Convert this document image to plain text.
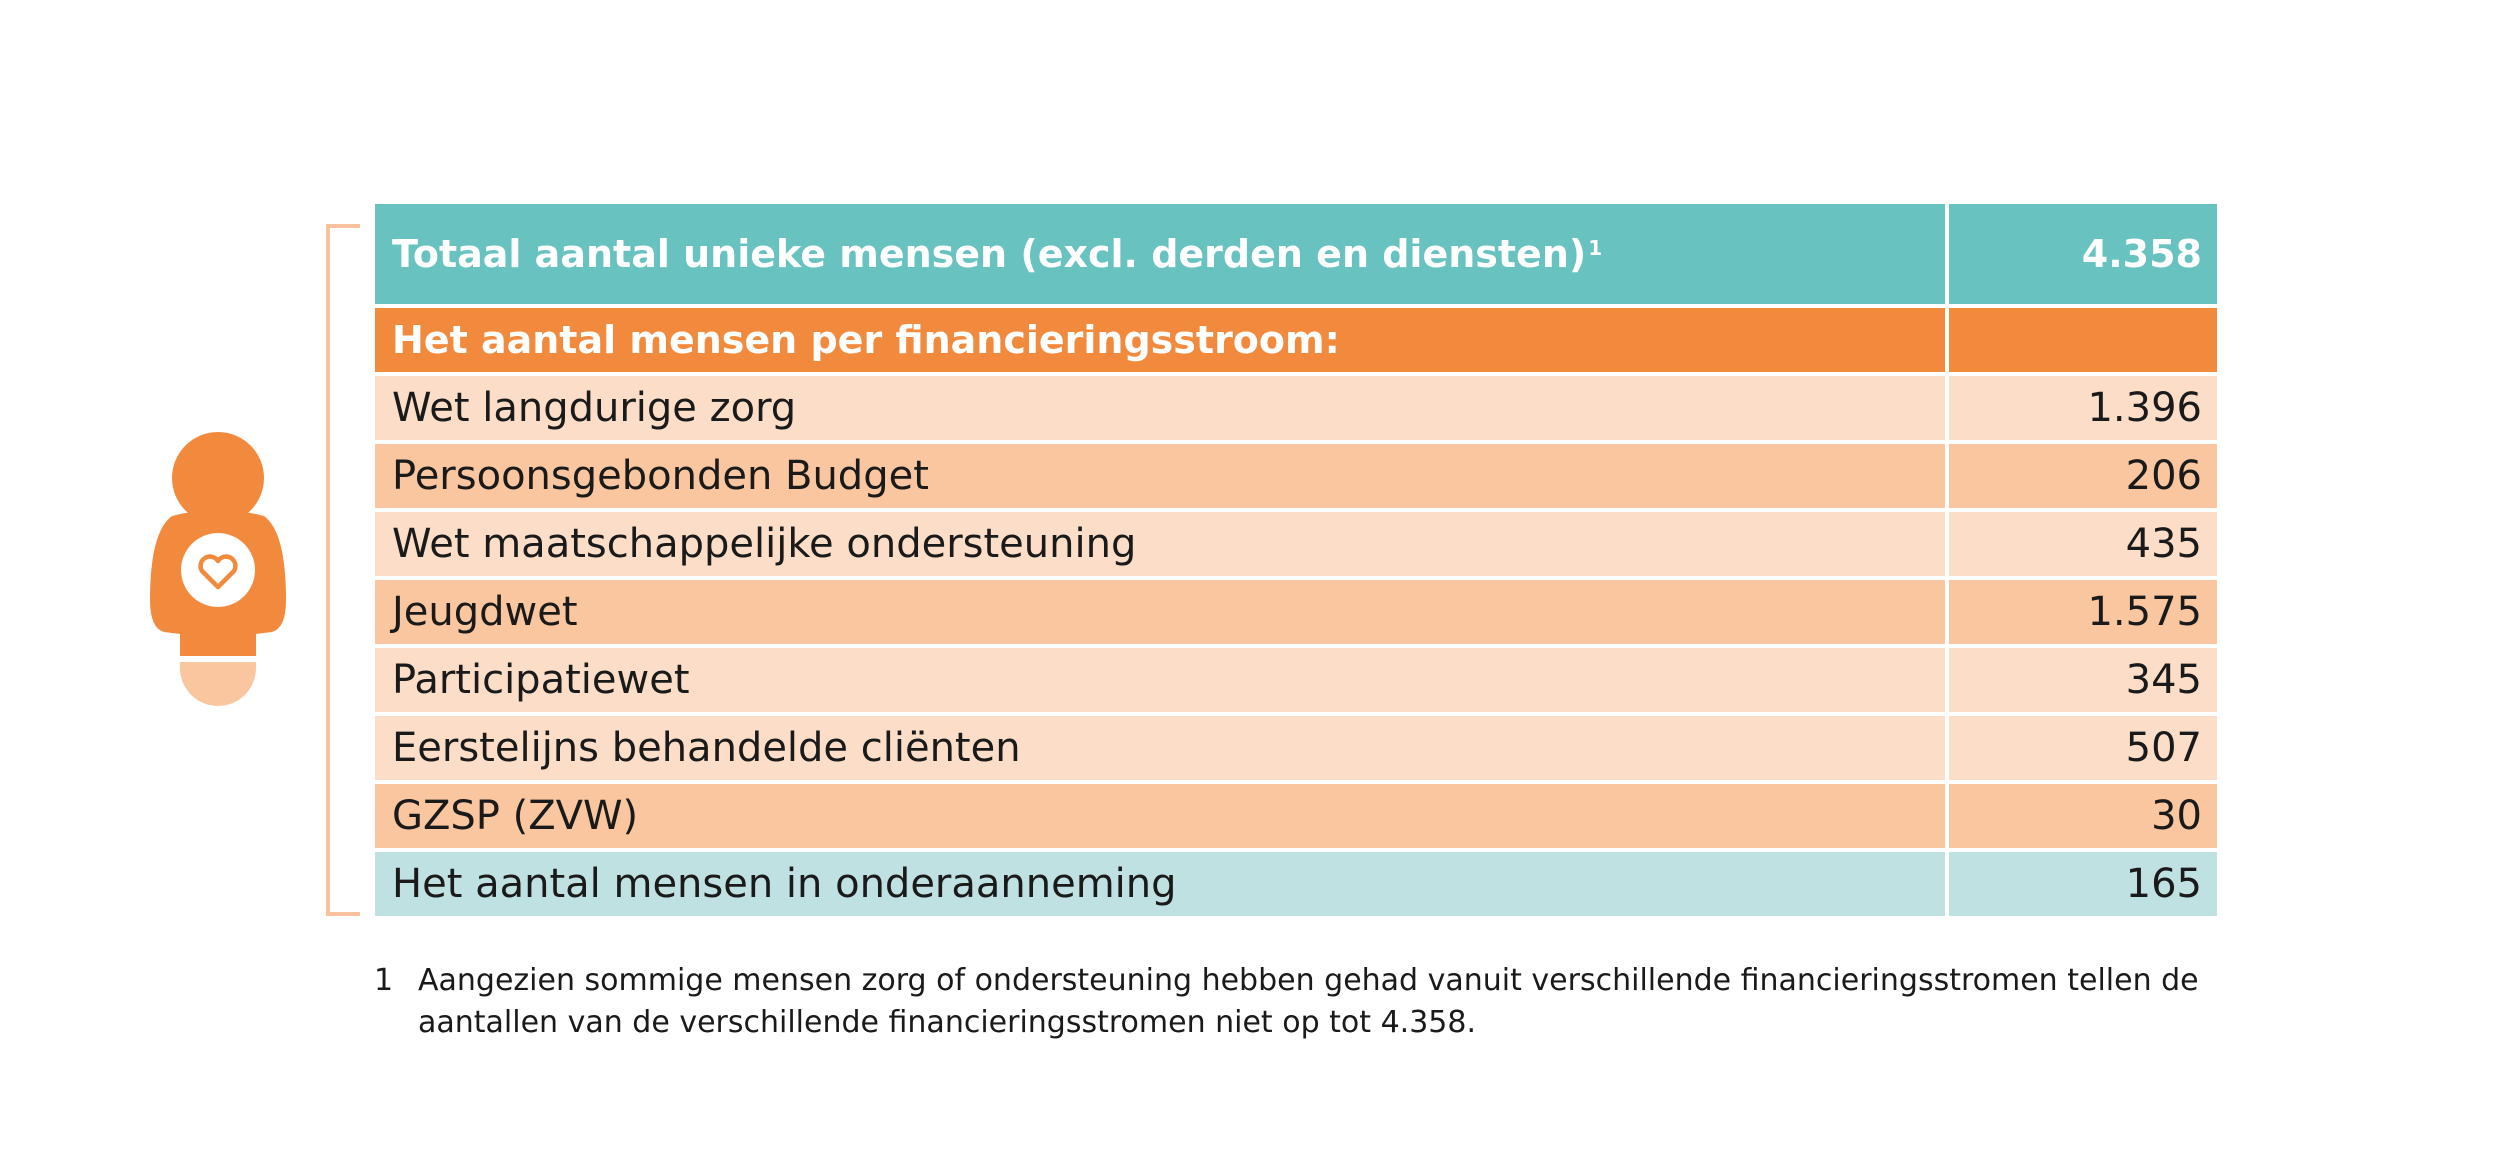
Totaal aantal unieke mensen (excl. derden en diensten)$^1$	4.358
Het aantal mensen per financieringsstroom:
Wet langdurige zorg	1.396
Persoonsgebonden Budget	206
Wet maatschappelijke ondersteuning	435
Jeugdwet	1.575
Participatiewet	345
Eerstelijns behandelde cliënten	507
GZSP (ZVW)	30
Het aantal mensen in onderaanneming	165
1 Aangezien sommige mensen zorg of ondersteuning hebben gehad vanuit verschillende financieringsstromen tellen de aantallen van de verschillende financieringsstromen niet op tot 4.358.
